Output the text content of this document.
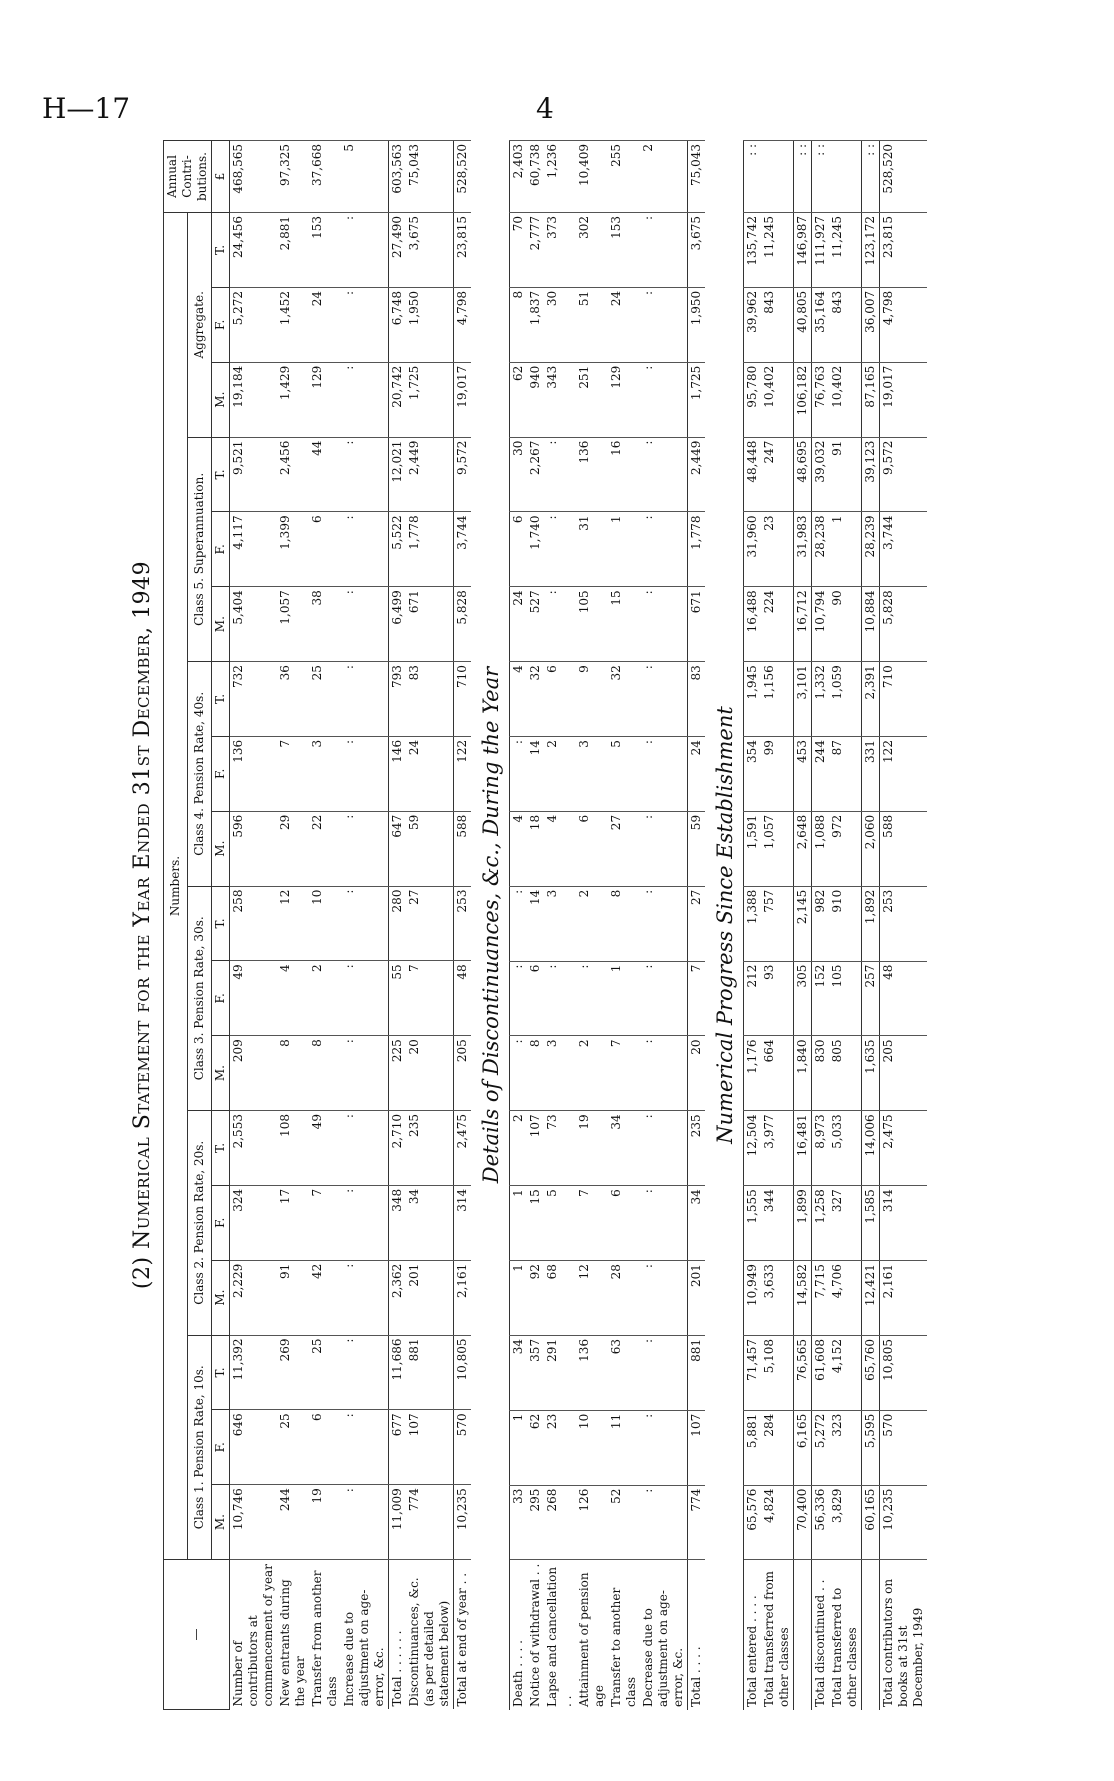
H—17	4
(2) Numerical Statement for the Year Ended 31st December, 1949
—	Numbers.																		Annual Contri-butions.
	Class 1. Pension Rate, 10s.			Class 2. Pension Rate, 20s.			Class 3. Pension Rate, 30s.			Class 4. Pension Rate, 40s.			Class 5. Superannuation.			Aggregate.			
	M.	F.	T.	M.	F.	T.	M.	F.	T.	M.	F.	T.	M.	F.	T.	M.	F.	T.	£
Number of contributors at commencement of year	10,746	646	11,392	2,229	324	2,553	209	49	258	596	136	732	5,404	4,117	9,521	19,184	5,272	24,456	468,565
New entrants during the year	244	25	269	91	17	108	8	4	12	29	7	36	1,057	1,399	2,456	1,429	1,452	2,881	97,325
Transfer from another class	19	6	25	42	7	49	8	2	10	22	3	25	38	6	44	129	24	153	37,668
Increase due to adjustment on age-error, &c.	:	:	:	:	:	:	:	:	:	:	:	:	:	:	:	:	:	:	5
Total . . . . . .	11,009	677	11,686	2,362	348	2,710	225	55	280	647	146	793	6,499	5,522	12,021	20,742	6,748	27,490	603,563
Discontinuances, &c. (as per detailed statement below)	774	107	881	201	34	235	20	7	27	59	24	83	671	1,778	2,449	1,725	1,950	3,675	75,043
Total at end of year . .	10,235	570	10,805	2,161	314	2,475	205	48	253	588	122	710	5,828	3,744	9,572	19,017	4,798	23,815	528,520
Details of Discontinuances, &c., During the Year
Death . . . .	33	1	34	1	1	2	:	:	:	4	:	4	24	6	30	62	8	70	2,403
Notice of withdrawal . .	295	62	357	92	15	107	8	6	14	18	14	32	527	1,740	2,267	940	1,837	2,777	60,738
Lapse and cancellation . .	268	23	291	68	5	73	3	:	3	4	2	6	:	:	:	343	30	373	1,236
Attainment of pension age	126	10	136	12	7	19	2	:	2	6	3	9	105	31	136	251	51	302	10,409
Transfer to another class	52	11	63	28	6	34	7	1	8	27	5	32	15	1	16	129	24	153	255
Decrease due to adjustment on age-error, &c.	:	:	:	:	:	:	:	:	:	:	:	:	:	:	:	:	:	:	2
Total . . . .	774	107	881	201	34	235	20	7	27	59	24	83	671	1,778	2,449	1,725	1,950	3,675	75,043
Numerical Progress Since Establishment
Total entered . . . .	65,576	5,881	71,457	10,949	1,555	12,504	1,176	212	1,388	1,591	354	1,945	16,488	31,960	48,448	95,780	39,962	135,742	: :
Total transferred from other classes	4,824	284	5,108	3,633	344	3,977	664	93	757	1,057	99	1,156	224	23	247	10,402	843	11,245	
	70,400	6,165	76,565	14,582	1,899	16,481	1,840	305	2,145	2,648	453	3,101	16,712	31,983	48,695	106,182	40,805	146,987	: :
Total discontinued . .	56,336	5,272	61,608	7,715	1,258	8,973	830	152	982	1,088	244	1,332	10,794	28,238	39,032	76,763	35,164	111,927	: :
Total transferred to other classes	3,829	323	4,152	4,706	327	5,033	805	105	910	972	87	1,059	90	1	91	10,402	843	11,245	
	60,165	5,595	65,760	12,421	1,585	14,006	1,635	257	1,892	2,060	331	2,391	10,884	28,239	39,123	87,165	36,007	123,172	: :
Total contributors on books at 31st December, 1949	10,235	570	10,805	2,161	314	2,475	205	48	253	588	122	710	5,828	3,744	9,572	19,017	4,798	23,815	528,520
